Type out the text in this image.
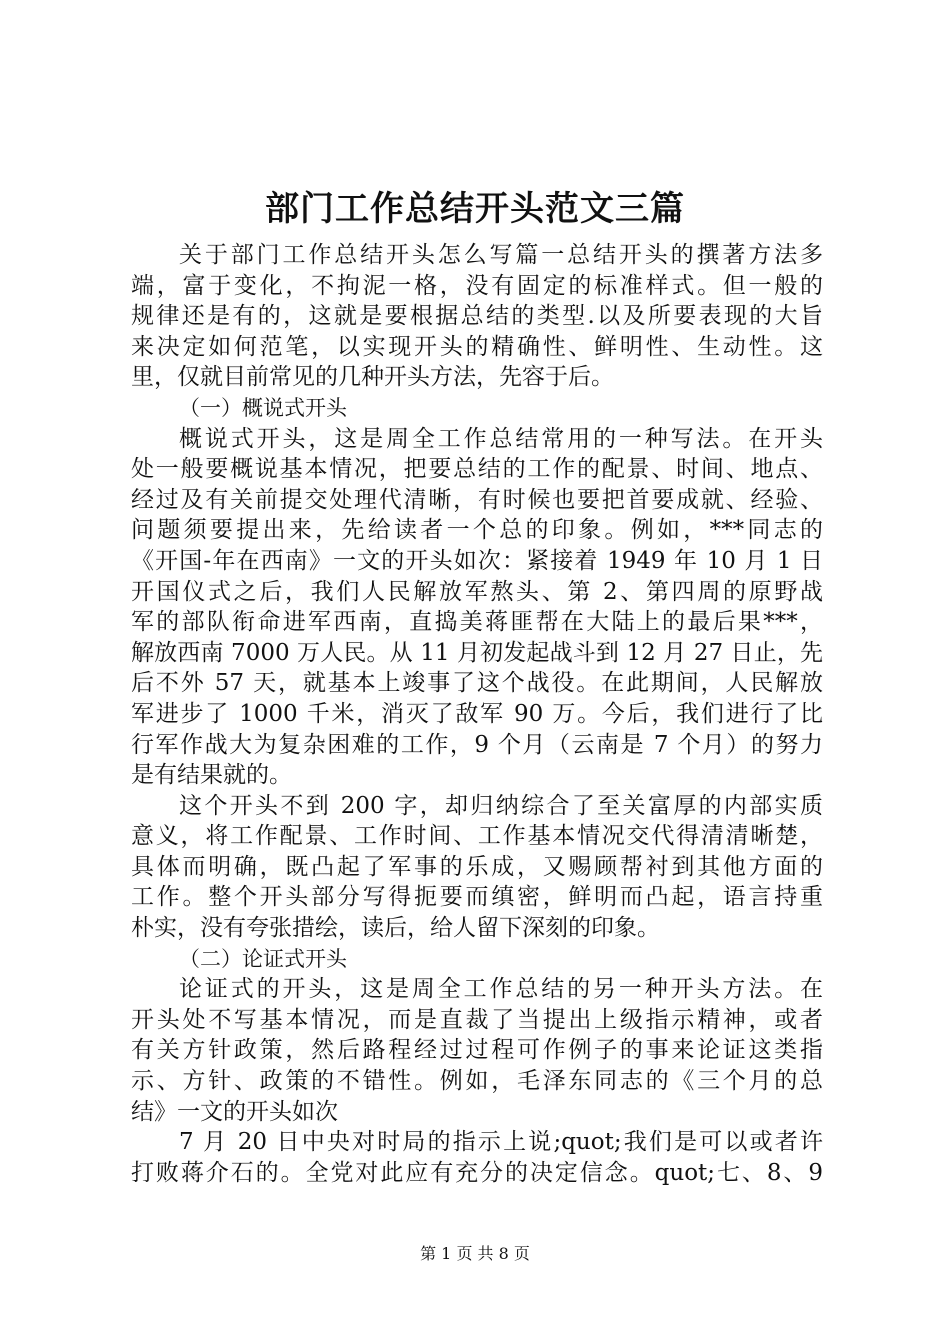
部门工作总结开头范文三篇
关于部门工作总结开头怎么写篇一总结开头的撰著方法多
端，富于变化，不拘泥一格，没有固定的标准样式。但一般的
规律还是有的，这就是要根据总结的类型.以及所要表现的大旨
来决定如何范笔，以实现开头的精确性、鲜明性、生动性。这
里，仅就目前常见的几种开头方法，先容于后。
（一）概说式开头
概说式开头，这是周全工作总结常用的一种写法。在开头
处一般要概说基本情况，把要总结的工作的配景、时间、地点、
经过及有关前提交处理代清晰，有时候也要把首要成就、经验、
问题须要提出来，先给读者一个总的印象。例如，***同志的
《开国-年在西南》一文的开头如次：紧接着 1949 年 10 月 1 日
开国仪式之后，我们人民解放军熬头、第 2、第四周的原野战
军的部队衔命进军西南，直捣美蒋匪帮在大陆上的最后果***，
解放西南 7000 万人民。从 11 月初发起战斗到 12 月 27 日止，先
后不外 57 天，就基本上竣事了这个战役。在此期间，人民解放
军进步了 1000 千米，消灭了敌军 90 万。今后，我们进行了比
行军作战大为复杂困难的工作，9 个月（云南是 7 个月）的努力
是有结果就的。
这个开头不到 200 字，却归纳综合了至关富厚的内部实质
意义，将工作配景、工作时间、工作基本情况交代得清清晰楚，
具体而明确，既凸起了军事的乐成，又赐顾帮衬到其他方面的
工作。整个开头部分写得扼要而缜密，鲜明而凸起，语言持重
朴实，没有夸张措绘，读后，给人留下深刻的印象。
（二）论证式开头
论证式的开头，这是周全工作总结的另一种开头方法。在
开头处不写基本情况，而是直裁了当提出上级指示精神，或者
有关方针政策，然后路程经过过程可作例子的事来论证这类指
示、方针、政策的不错性。例如，毛泽东同志的《三个月的总
结》一文的开头如次
7 月 20 日中央对时局的指示上说;quot;我们是可以或者许
打败蒋介石的。全党对此应有充分的决定信念。quot;七、8、9
第 1 页 共 8 页
